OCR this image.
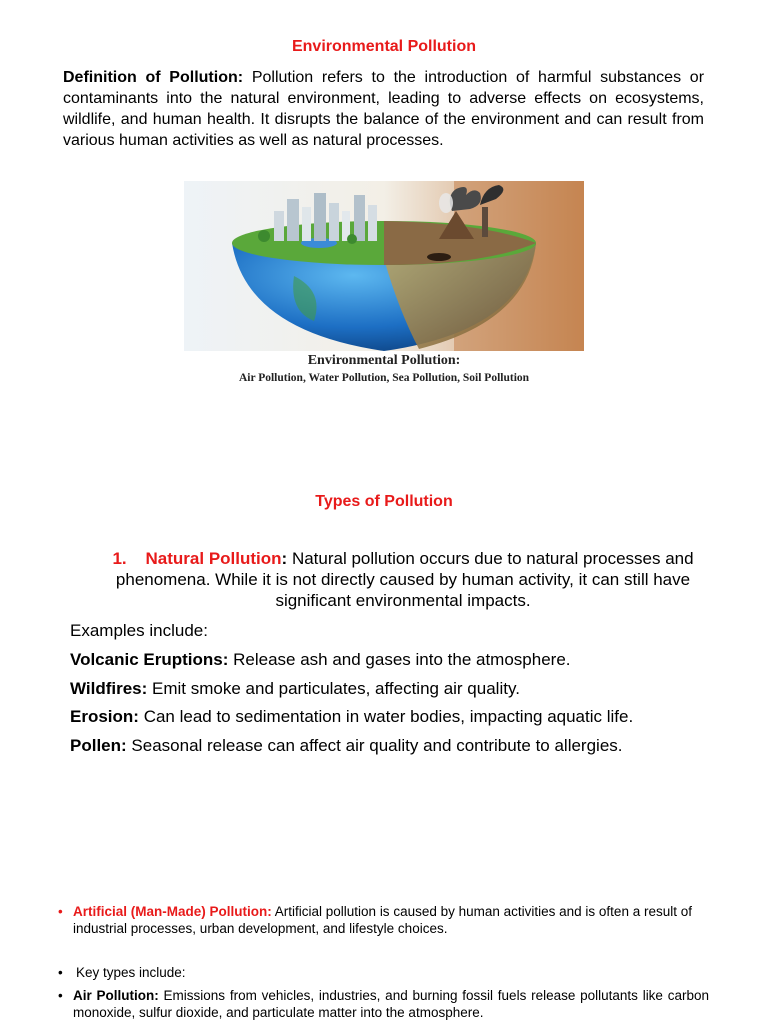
Environmental Pollution
Definition of Pollution: Pollution refers to the introduction of harmful substances or contaminants into the natural environment, leading to adverse effects on ecosystems, wildlife, and human health. It disrupts the balance of the environment and can result from various human activities as well as natural processes.
Environmental Pollution:
Air Pollution, Water Pollution, Sea Pollution, Soil Pollution
Types of Pollution
1. Natural Pollution: Natural pollution occurs due to natural processes and phenomena. While it is not directly caused by human activity, it can still have significant environmental impacts.
Examples include:
Volcanic Eruptions: Release ash and gases into the atmosphere.
Wildfires: Emit smoke and particulates, affecting air quality.
Erosion: Can lead to sedimentation in water bodies, impacting aquatic life.
Pollen: Seasonal release can affect air quality and contribute to allergies.
• Artificial (Man-Made) Pollution: Artificial pollution is caused by human activities and is often a result of industrial processes, urban development, and lifestyle choices.
• Key types include:
• Air Pollution: Emissions from vehicles, industries, and burning fossil fuels release pollutants like carbon monoxide, sulfur dioxide, and particulate matter into the atmosphere.
